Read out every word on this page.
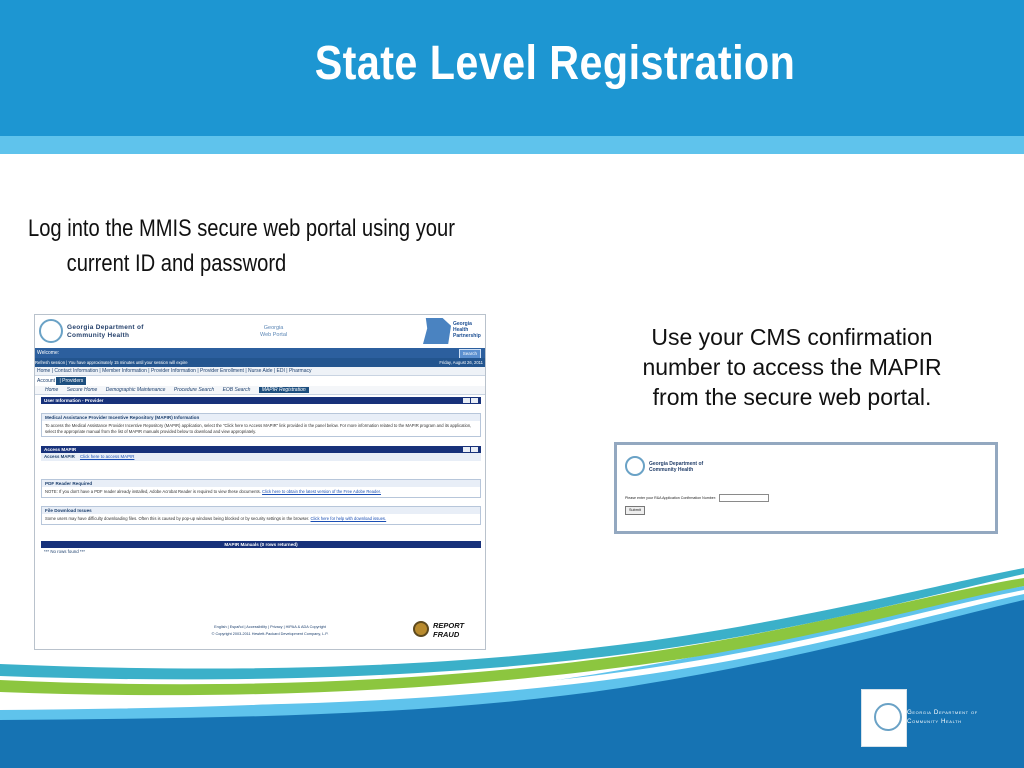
State Level Registration
Log into the MMIS secure web portal using your
current ID and password
Use your CMS confirmation number to access the MAPIR from the secure web portal.
Georgia Department of
Community Health
Georgia
Web Portal
Georgia
Health
Partnership
Welcome:	Search
Refresh session | You have approximately 15 minutes until your session will expire	Friday, August 26, 2011
Home | Contact Information | Member Information | Provider Information | Provider Enrollment | Nurse Aide | EDI | Pharmacy
Account | Providers
Home Secure Home Demographic Maintenance Procedure Search EOB Search MAPIR Registration
User Information - Provider
Medical Assistance Provider Incentive Repository (MAPIR) Information
To access the Medical Assistance Provider Incentive Repository (MAPIR) application, select the "Click here to Access MAPIR" link provided in the panel below. For more information related to the MAPIR program and its application, select the appropriate manual from the list of MAPIR manuals provided below to download and view appropriately.
Access MAPIR
Access MAPIR Click here to access MAPIR
PDF Reader Required
NOTE: If you don't have a PDF reader already installed, Adobe Acrobat Reader is required to view these documents. Click here to obtain the latest version of the Free Adobe Reader.
File Download Issues
Some users may have difficulty downloading files. Often this is caused by pop-up windows being blocked or by security settings in the browser. Click here for help with download issues.
MAPIR Manuals (0 rows returned)
*** No rows found ***
English | Español | Accessibility | Privacy | HIPAA & ADA Copyright
© Copyright 2003-2011 Hewlett-Packard Development Company, L.P.
REPORT
FRAUD
Georgia Department of
Community Health
Please enter your R&A Application Confirmation Number:
Submit
Georgia Department of
Community Health
